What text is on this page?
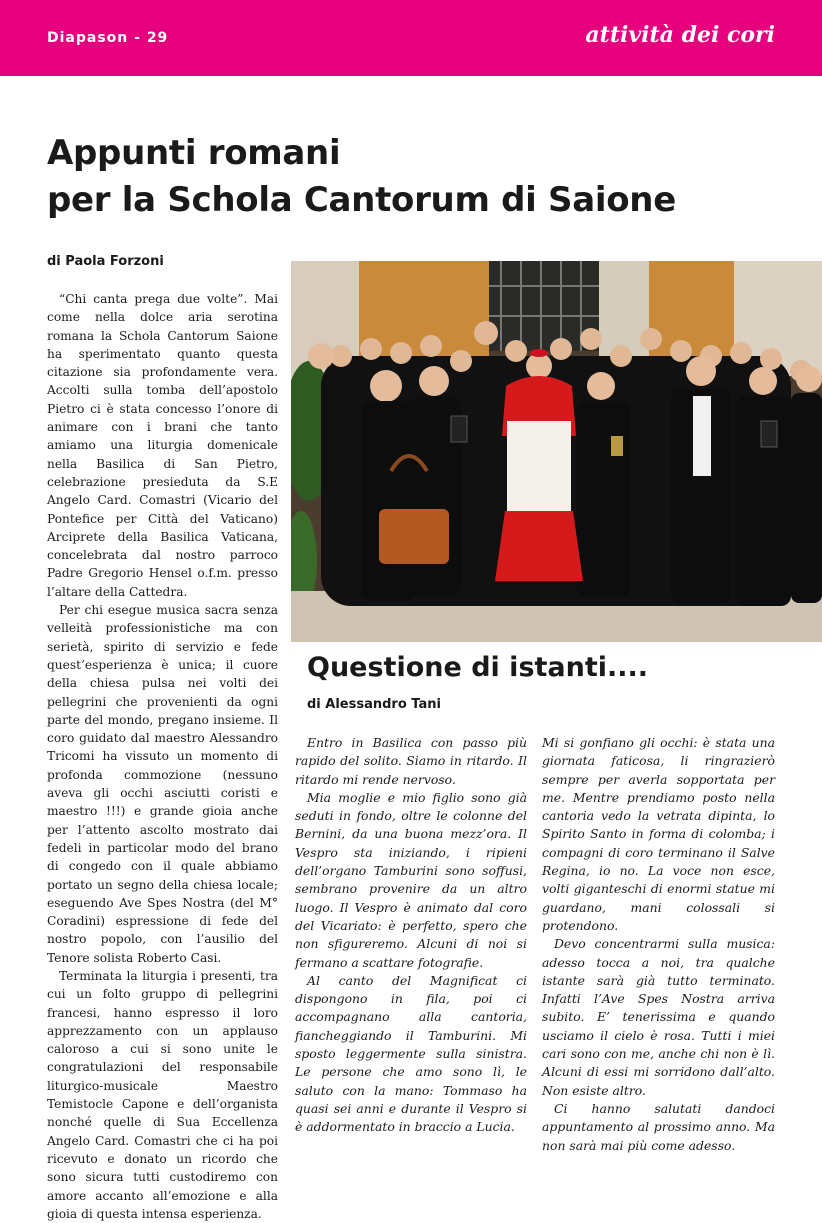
Diapason - 29	attività dei cori
Appunti romani
per la Schola Cantorum di Saione

di Paola Forzoni

“Chi canta prega due volte”. Mai come nella dolce aria serotina romana la Schola Cantorum Saione ha sperimentato quanto questa citazione sia profondamente vera. Accolti sulla tomba dell’apostolo Pietro ci è stata concesso l’onore di animare con i brani che tanto amiamo una liturgia domenicale nella Basilica di San Pietro, celebrazione presieduta da S.E Angelo Card. Comastri (Vicario del Pontefice per Città del Vaticano) Arciprete della Basilica Vaticana, concelebrata dal nostro parroco Padre Gregorio Hensel o.f.m. presso l’altare della Cattedra.

Per chi esegue musica sacra senza velleità professionistiche ma con serietà, spirito di servizio e fede quest’esperienza è unica; il cuore della chiesa pulsa nei volti dei pellegrini che provenienti da ogni parte del mondo, pregano insieme. Il coro guidato dal maestro Alessandro Tricomi ha vissuto un momento di profonda commozione (nessuno aveva gli occhi asciutti coristi e maestro !!!) e grande gioia anche per l’attento ascolto mostrato dai fedeli in particolar modo del brano di congedo con il quale abbiamo portato un segno della chiesa locale; eseguendo Ave Spes Nostra (del M° Coradini) espressione di fede del nostro popolo, con l’ausilio del Tenore solista Roberto Casi.

Terminata la liturgia i presenti, tra cui un folto gruppo di pellegrini francesi, hanno espresso il loro apprezzamento con un applauso caloroso a cui si sono unite le congratulazioni del responsabile liturgico-musicale Maestro Temistocle Capone e dell’organista nonché quelle di Sua Eccellenza Angelo Card. Comastri che ci ha poi ricevuto e donato un ricordo che sono sicura tutti custodiremo con amore accanto all’emozione e alla gioia di questa intensa esperienza.

Questione di istanti....

di Alessandro Tani

Entro in Basilica con passo più rapido del solito. Siamo in ritardo. Il ritardo mi rende nervoso.

Mia moglie e mio figlio sono già seduti in fondo, oltre le colonne del Bernini, da una buona mezz’ora. Il Vespro sta iniziando, i ripieni dell’organo Tamburini sono soffusi, sembrano provenire da un altro luogo. Il Vespro è animato dal coro del Vicariato: è perfetto, spero che non sfigureremo. Alcuni di noi si fermano a scattare fotografie.

Al canto del Magnificat ci dispongono in fila, poi ci accompagnano alla cantoria, fiancheggiando il Tamburini. Mi sposto leggermente sulla sinistra. Le persone che amo sono lì, le saluto con la mano: Tommaso ha quasi sei anni e durante il Vespro si è addormentato in braccio a Lucia.

Mi si gonfiano gli occhi: è stata una giornata faticosa, li ringrazierò sempre per averla sopportata per me. Mentre prendiamo posto nella cantoria vedo la vetrata dipinta, lo Spirito Santo in forma di colomba; i compagni di coro terminano il Salve Regina, io no. La voce non esce, volti giganteschi di enormi statue mi guardano, mani colossali si protendono.

Devo concentrarmi sulla musica: adesso tocca a noi, tra qualche istante sarà già tutto terminato. Infatti l’Ave Spes Nostra arriva subito. E’ tenerissima e quando usciamo il cielo è rosa. Tutti i miei cari sono con me, anche chi non è lì. Alcuni di essi mi sorridono dall’alto. Non esiste altro.

Ci hanno salutati dandoci appuntamento al prossimo anno. Ma non sarà mai più come adesso.
